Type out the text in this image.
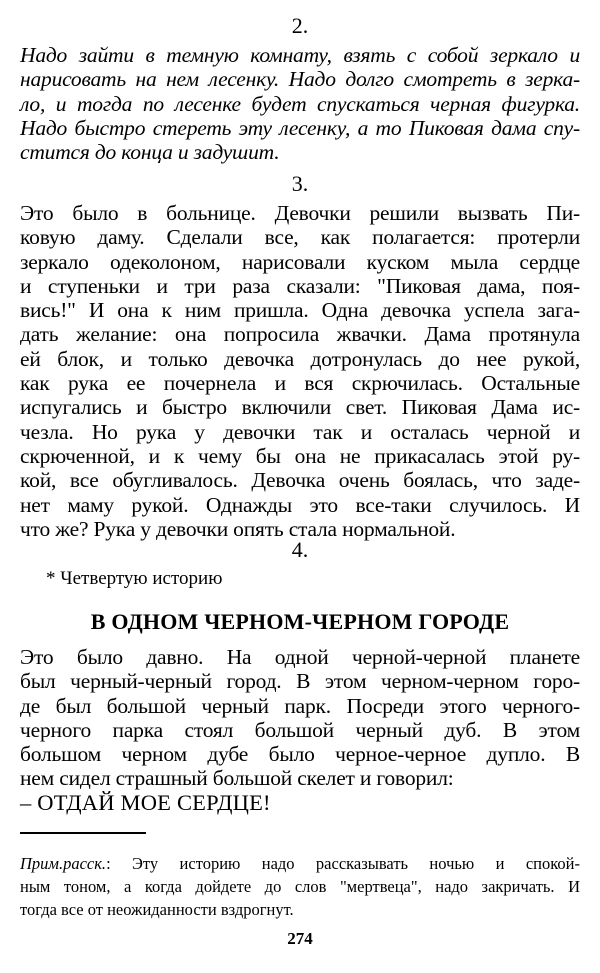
2.
Надо зайти в темную комнату, взять с собой зеркало и
нарисовать на нем лесенку. Надо долго смотреть в зерка-
ло, и тогда по лесенке будет спускаться черная фигурка.
Надо быстро стереть эту лесенку, а то Пиковая дама спу-
стится до конца и задушит.
3.
Это было в больнице. Девочки решили вызвать Пи-
ковую даму. Сделали все, как полагается: протерли
зеркало одеколоном, нарисовали куском мыла сердце
и ступеньки и три раза сказали: "Пиковая дама, поя-
вись!" И она к ним пришла. Одна девочка успела зага-
дать желание: она попросила жвачки. Дама протянула
ей блок, и только девочка дотронулась до нее рукой,
как рука ее почернела и вся скрючилась. Остальные
испугались и быстро включили свет. Пиковая Дама ис-
чезла. Но рука у девочки так и осталась черной и
скрюченной, и к чему бы она не прикасалась этой ру-
кой, все обугливалось. Девочка очень боялась, что заде-
нет маму рукой. Однажды это все-таки случилось. И
что же? Рука у девочки опять стала нормальной.
4.
* Четвертую историю
В ОДНОМ ЧЕРНОМ-ЧЕРНОМ ГОРОДЕ
Это было давно. На одной черной-черной планете
был черный-черный город. В этом черном-черном горо-
де был большой черный парк. Посреди этого черного-
черного парка стоял большой черный дуб. В этом
большом черном дубе было черное-черное дупло. В
нем сидел страшный большой скелет и говорил:
– ОТДАЙ МОЕ СЕРДЦЕ!
Прим.расск.: Эту историю надо рассказывать ночью и спокой-
ным тоном, а когда дойдете до слов "мертвеца", надо закричать. И
тогда все от неожиданности вздрогнут.
274
